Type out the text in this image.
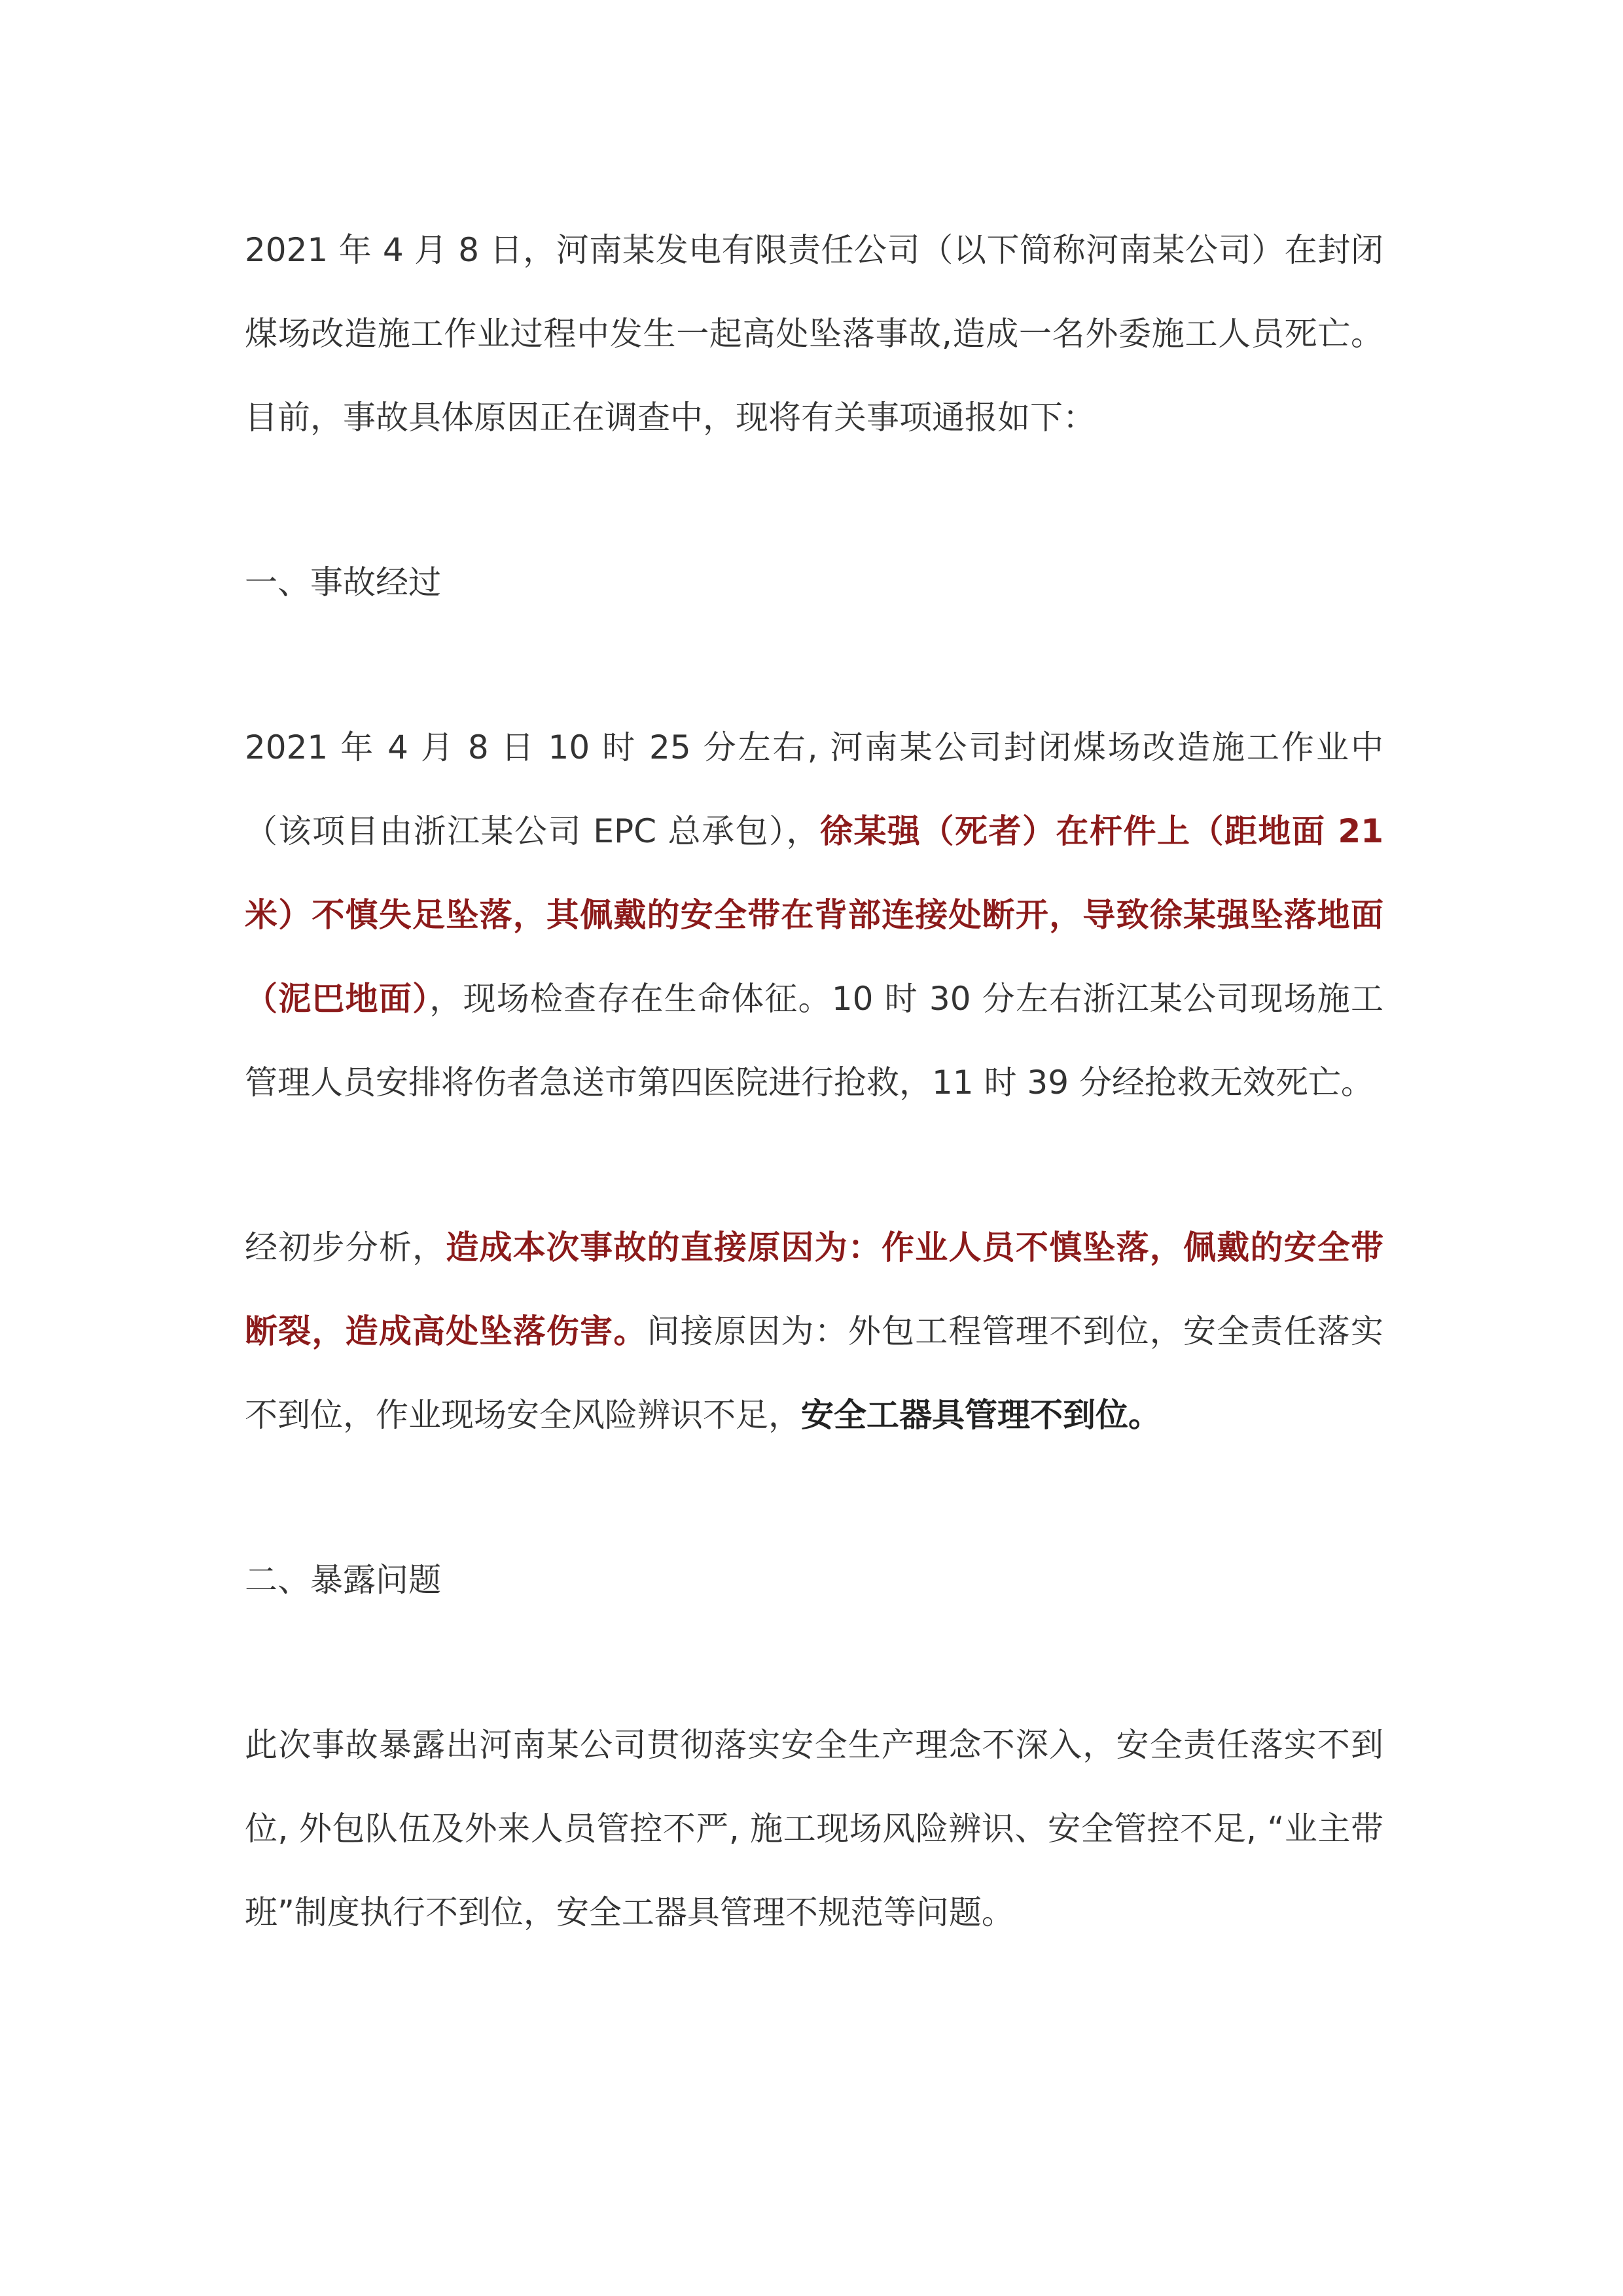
2021 年 4 月 8 日，河南某发电有限责任公司（以下简称河南某公司）在封闭煤场改造施工作业过程中发生一起高处坠落事故,造成一名外委施工人员死亡。目前，事故具体原因正在调查中，现将有关事项通报如下：

一、事故经过

2021 年 4 月 8 日 10 时 25 分左右, 河南某公司封闭煤场改造施工作业中（该项目由浙江某公司 EPC 总承包），徐某强（死者）在杆件上（距地面 21 米）不慎失足坠落，其佩戴的安全带在背部连接处断开，导致徐某强坠落地面（泥巴地面），现场检查存在生命体征。10 时 30 分左右浙江某公司现场施工管理人员安排将伤者急送市第四医院进行抢救，11 时 39 分经抢救无效死亡。

经初步分析，造成本次事故的直接原因为：作业人员不慎坠落，佩戴的安全带断裂，造成高处坠落伤害。间接原因为：外包工程管理不到位，安全责任落实不到位，作业现场安全风险辨识不足，安全工器具管理不到位。

二、暴露问题

此次事故暴露出河南某公司贯彻落实安全生产理念不深入，安全责任落实不到位, 外包队伍及外来人员管控不严, 施工现场风险辨识、安全管控不足, “业主带班”制度执行不到位，安全工器具管理不规范等问题。
